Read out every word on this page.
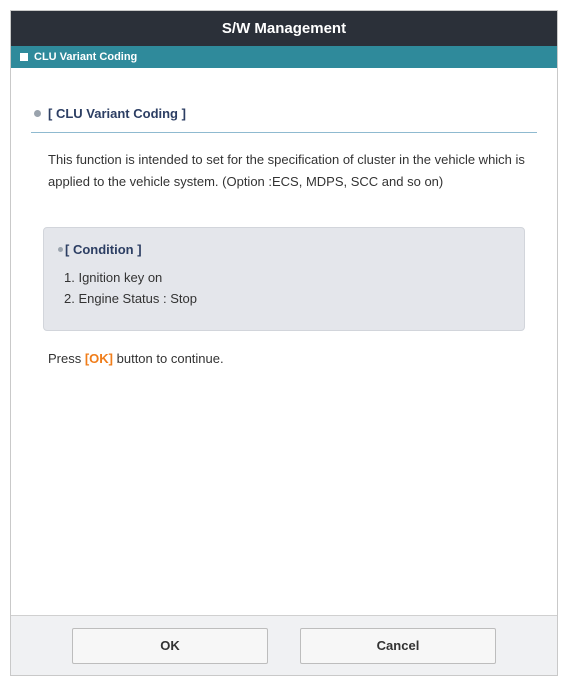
S/W Management
CLU Variant Coding
[ CLU Variant Coding ]

This function is intended to set for the specification of cluster in the vehicle which is applied to the vehicle system. (Option :ECS, MDPS, SCC and so on)

[ Condition ]
1. Ignition key on
2. Engine Status : Stop

Press [OK] button to continue.

OK	Cancel
